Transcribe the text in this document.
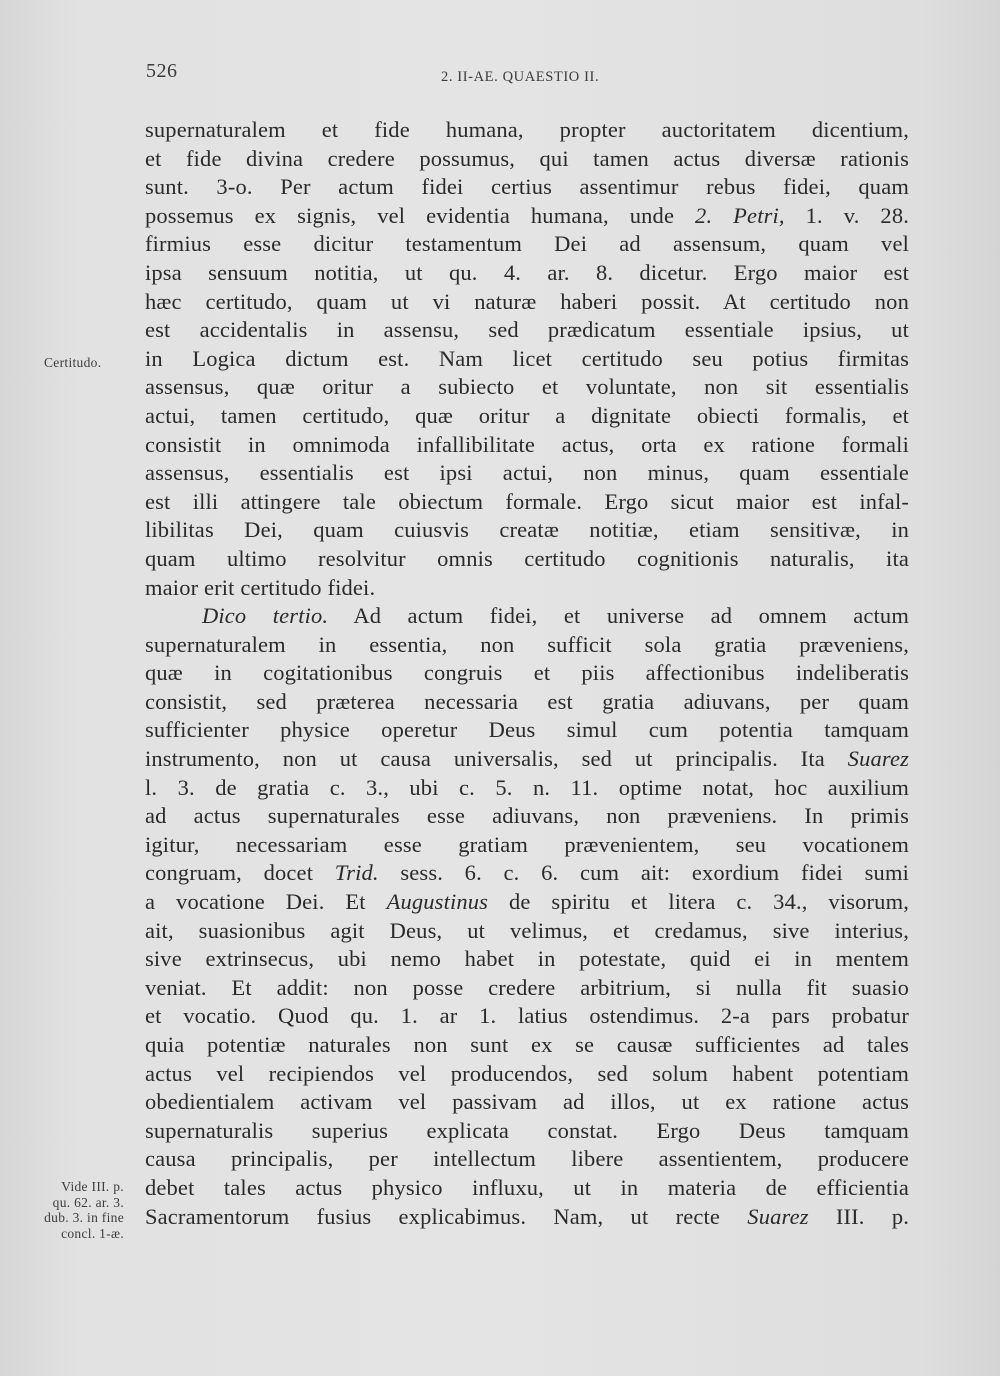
526	2. II-AE. QUAESTIO II.
Certitudo.
Vide III. p.
qu. 62. ar. 3.
dub. 3. in fine
concl. 1-æ.
supernaturalem et fide humana, propter auctoritatem dicentium,
et fide divina credere possumus, qui tamen actus diversæ rationis
sunt. 3-o. Per actum fidei certius assentimur rebus fidei, quam
possemus ex signis, vel evidentia humana, unde 2. Petri, 1. v. 28.
firmius esse dicitur testamentum Dei ad assensum, quam vel
ipsa sensuum notitia, ut qu. 4. ar. 8. dicetur. Ergo maior est
hæc certitudo, quam ut vi naturæ haberi possit. At certitudo non
est accidentalis in assensu, sed prædicatum essentiale ipsius, ut
in Logica dictum est. Nam licet certitudo seu potius firmitas
assensus, quæ oritur a subiecto et voluntate, non sit essentialis
actui, tamen certitudo, quæ oritur a dignitate obiecti formalis, et
consistit in omnimoda infallibilitate actus, orta ex ratione formali
assensus, essentialis est ipsi actui, non minus, quam essentiale
est illi attingere tale obiectum formale. Ergo sicut maior est infal-
libilitas Dei, quam cuiusvis creatæ notitiæ, etiam sensitivæ, in
quam ultimo resolvitur omnis certitudo cognitionis naturalis, ita
maior erit certitudo fidei.
Dico tertio. Ad actum fidei, et universe ad omnem actum
supernaturalem in essentia, non sufficit sola gratia præveniens,
quæ in cogitationibus congruis et piis affectionibus indeliberatis
consistit, sed præterea necessaria est gratia adiuvans, per quam
sufficienter physice operetur Deus simul cum potentia tamquam
instrumento, non ut causa universalis, sed ut principalis. Ita Suarez
l. 3. de gratia c. 3., ubi c. 5. n. 11. optime notat, hoc auxilium
ad actus supernaturales esse adiuvans, non præveniens. In primis
igitur, necessariam esse gratiam prævenientem, seu vocationem
congruam, docet Trid. sess. 6. c. 6. cum ait: exordium fidei sumi
a vocatione Dei. Et Augustinus de spiritu et litera c. 34., visorum,
ait, suasionibus agit Deus, ut velimus, et credamus, sive interius,
sive extrinsecus, ubi nemo habet in potestate, quid ei in mentem
veniat. Et addit: non posse credere arbitrium, si nulla fit suasio
et vocatio. Quod qu. 1. ar 1. latius ostendimus. 2-a pars probatur
quia potentiæ naturales non sunt ex se causæ sufficientes ad tales
actus vel recipiendos vel producendos, sed solum habent potentiam
obedientialem activam vel passivam ad illos, ut ex ratione actus
supernaturalis superius explicata constat. Ergo Deus tamquam
causa principalis, per intellectum libere assentientem, producere
debet tales actus physico influxu, ut in materia de efficientia
Sacramentorum fusius explicabimus. Nam, ut recte Suarez III. p.
